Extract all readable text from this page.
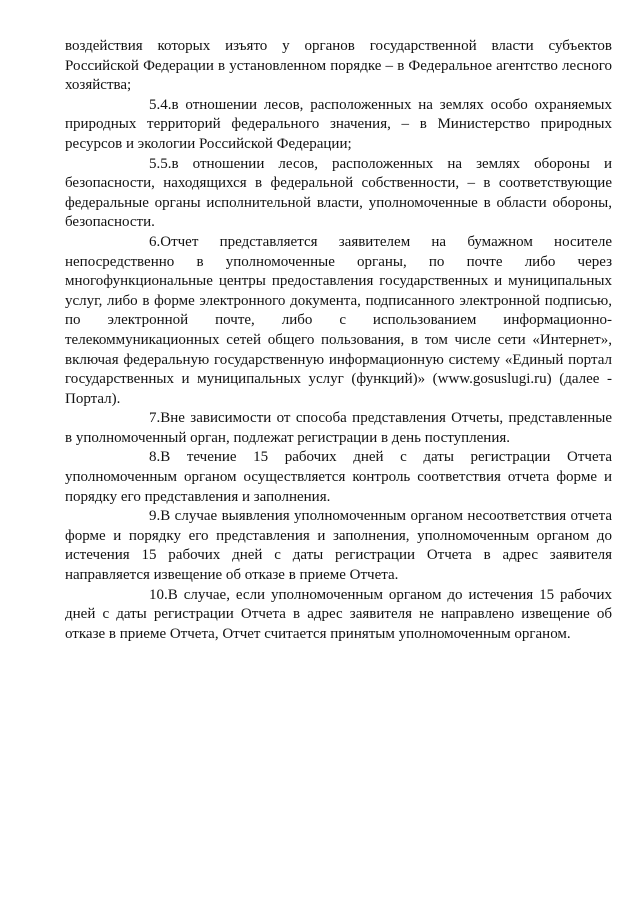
воздействия которых изъято у органов государственной власти субъектов Российской Федерации в установленном порядке – в Федеральное агентство лесного хозяйства;

5.4.в отношении лесов, расположенных на землях особо охраняемых природных территорий федерального значения, – в Министерство природных ресурсов и экологии Российской Федерации;

5.5.в отношении лесов, расположенных на землях обороны и безопасности, находящихся в федеральной собственности, – в соответствующие федеральные органы исполнительной власти, уполномоченные в области обороны, безопасности.

6.Отчет представляется заявителем на бумажном носителе непосредственно в уполномоченные органы, по почте либо через многофункциональные центры предоставления государственных и муниципальных услуг, либо в форме электронного документа, подписанного электронной подписью, по электронной почте, либо с использованием информационно-телекоммуникационных сетей общего пользования, в том числе сети «Интернет», включая федеральную государственную информационную систему «Единый портал государственных и муниципальных услуг (функций)» (www.gosuslugi.ru) (далее - Портал).

7.Вне зависимости от способа представления Отчеты, представленные в уполномоченный орган, подлежат регистрации в день поступления.

8.В течение 15 рабочих дней с даты регистрации Отчета уполномоченным органом осуществляется контроль соответствия отчета форме и порядку его представления и заполнения.

9.В случае выявления уполномоченным органом несоответствия отчета форме и порядку его представления и заполнения, уполномоченным органом до истечения 15 рабочих дней с даты регистрации Отчета в адрес заявителя направляется извещение об отказе в приеме Отчета.

10.В случае, если уполномоченным органом до истечения 15 рабочих дней с даты регистрации Отчета в адрес заявителя не направлено извещение об отказе в приеме Отчета, Отчет считается принятым уполномоченным органом.
